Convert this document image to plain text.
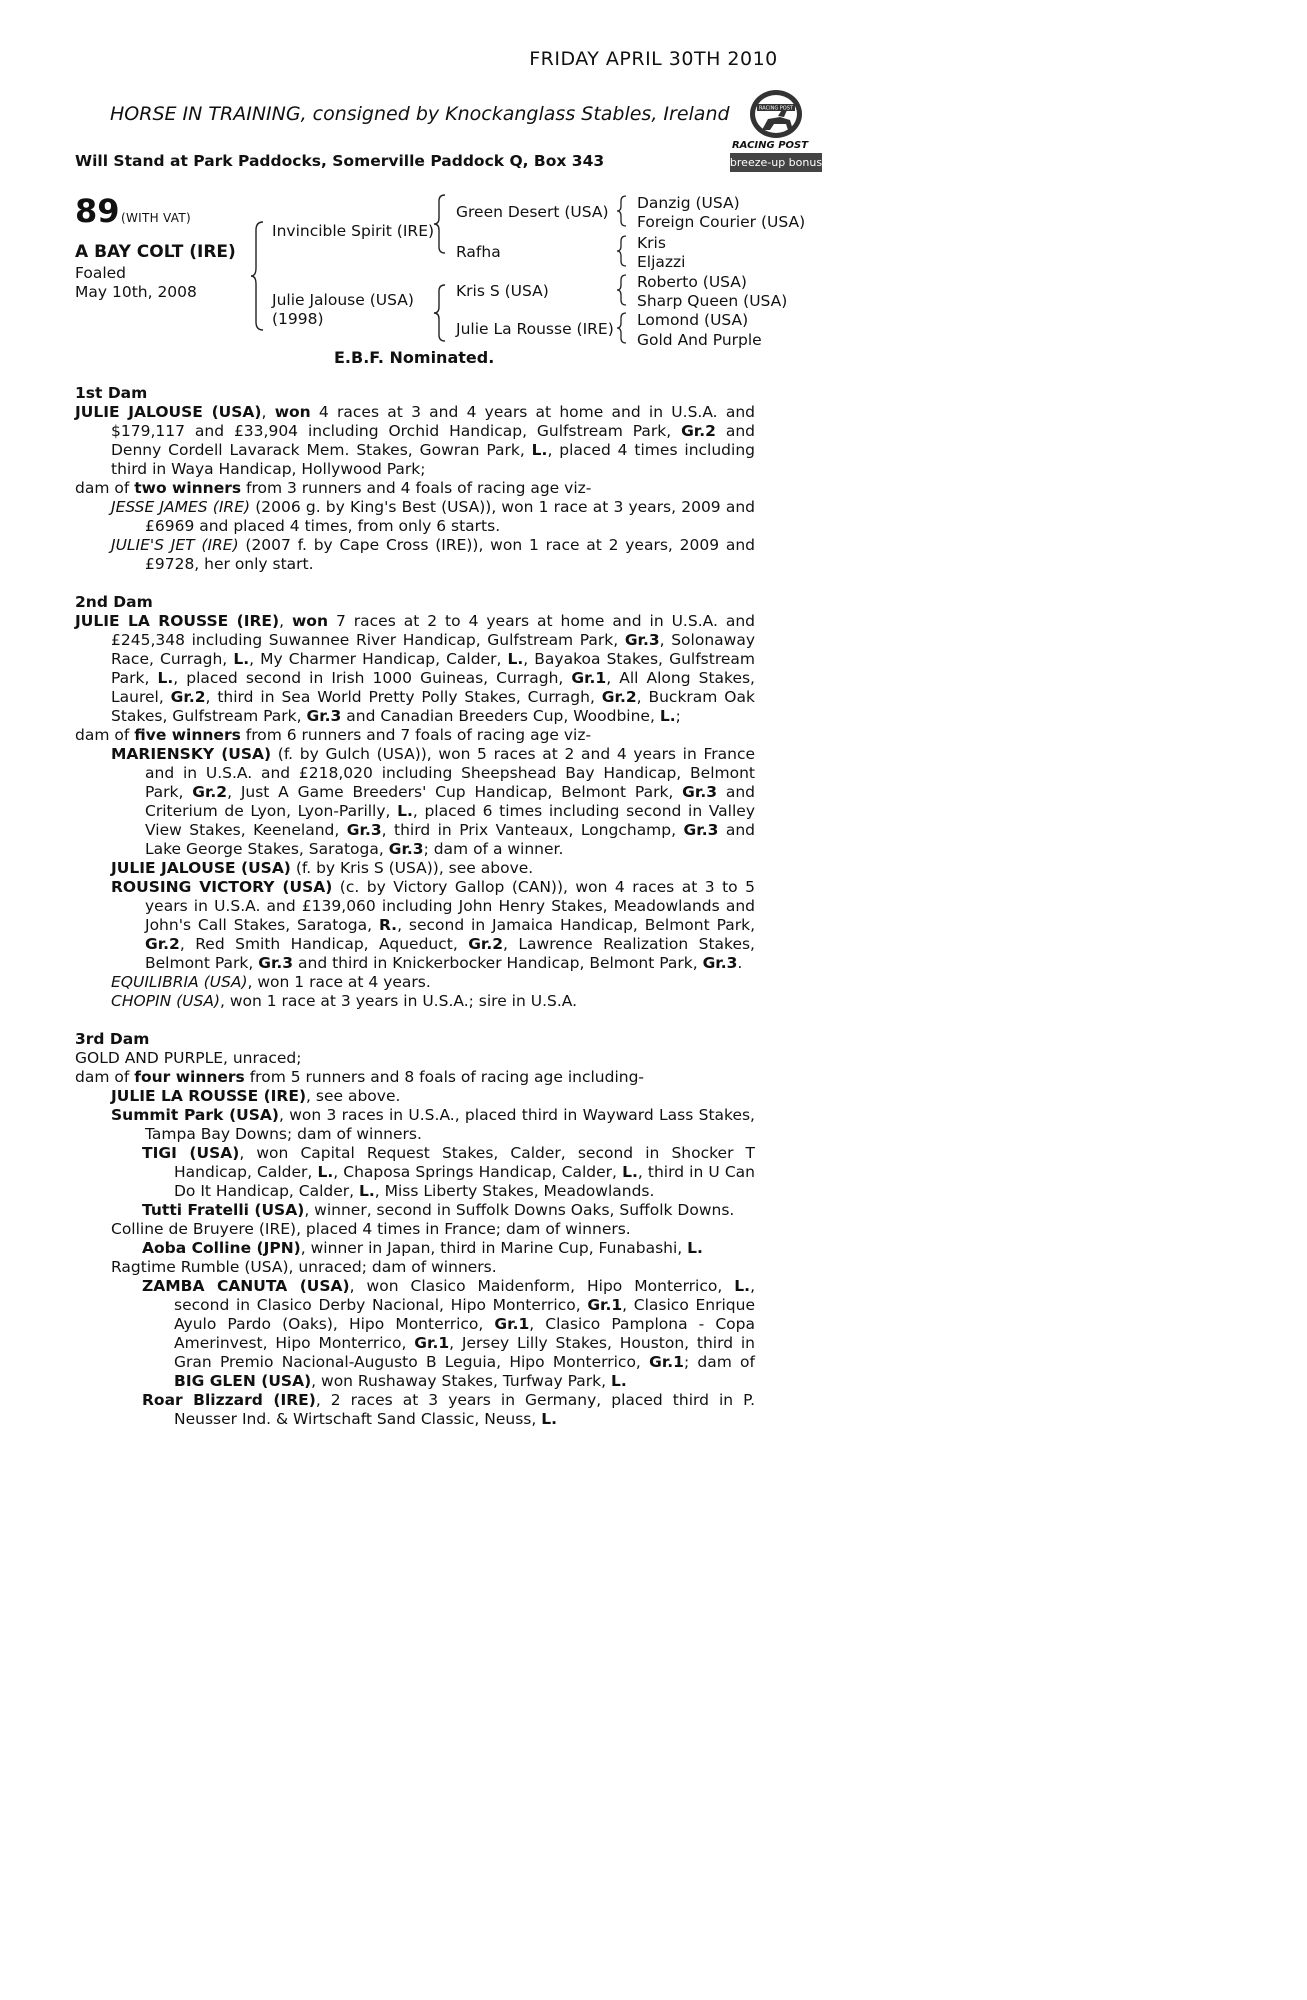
FRIDAY APRIL 30TH 2010
HORSE IN TRAINING, consigned by Knockanglass Stables, Ireland
Will Stand at Park Paddocks, Somerville Paddock Q, Box 343
RACING POST
RACING POST
breeze-up bonus
89 (WITH VAT)
A BAY COLT (IRE)
Foaled
May 10th, 2008
Invincible Spirit (IRE)
Julie Jalouse (USA)
(1998)
Green Desert (USA)
Rafha
Kris S (USA)
Julie La Rousse (IRE)
Danzig (USA)
Foreign Courier (USA)
Kris
Eljazzi
Roberto (USA)
Sharp Queen (USA)
Lomond (USA)
Gold And Purple
E.B.F. Nominated.
1st Dam
JULIE JALOUSE (USA), won 4 races at 3 and 4 years at home and in U.S.A. and $179,117 and £33,904 including Orchid Handicap, Gulfstream Park, Gr.2 and Denny Cordell Lavarack Mem. Stakes, Gowran Park, L., placed 4 times including third in Waya Handicap, Hollywood Park;
dam of two winners from 3 runners and 4 foals of racing age viz-
JESSE JAMES (IRE) (2006 g. by King's Best (USA)), won 1 race at 3 years, 2009 and £6969 and placed 4 times, from only 6 starts.
JULIE'S JET (IRE) (2007 f. by Cape Cross (IRE)), won 1 race at 2 years, 2009 and £9728, her only start.
2nd Dam
JULIE LA ROUSSE (IRE), won 7 races at 2 to 4 years at home and in U.S.A. and £245,348 including Suwannee River Handicap, Gulfstream Park, Gr.3, Solonaway Race, Curragh, L., My Charmer Handicap, Calder, L., Bayakoa Stakes, Gulfstream Park, L., placed second in Irish 1000 Guineas, Curragh, Gr.1, All Along Stakes, Laurel, Gr.2, third in Sea World Pretty Polly Stakes, Curragh, Gr.2, Buckram Oak Stakes, Gulfstream Park, Gr.3 and Canadian Breeders Cup, Woodbine, L.;
dam of five winners from 6 runners and 7 foals of racing age viz-
MARIENSKY (USA) (f. by Gulch (USA)), won 5 races at 2 and 4 years in France and in U.S.A. and £218,020 including Sheepshead Bay Handicap, Belmont Park, Gr.2, Just A Game Breeders' Cup Handicap, Belmont Park, Gr.3 and Criterium de Lyon, Lyon-Parilly, L., placed 6 times including second in Valley View Stakes, Keeneland, Gr.3, third in Prix Vanteaux, Longchamp, Gr.3 and Lake George Stakes, Saratoga, Gr.3; dam of a winner.
JULIE JALOUSE (USA) (f. by Kris S (USA)), see above.
ROUSING VICTORY (USA) (c. by Victory Gallop (CAN)), won 4 races at 3 to 5 years in U.S.A. and £139,060 including John Henry Stakes, Meadowlands and John's Call Stakes, Saratoga, R., second in Jamaica Handicap, Belmont Park, Gr.2, Red Smith Handicap, Aqueduct, Gr.2, Lawrence Realization Stakes, Belmont Park, Gr.3 and third in Knickerbocker Handicap, Belmont Park, Gr.3.
EQUILIBRIA (USA), won 1 race at 4 years.
CHOPIN (USA), won 1 race at 3 years in U.S.A.; sire in U.S.A.
3rd Dam
GOLD AND PURPLE, unraced;
dam of four winners from 5 runners and 8 foals of racing age including-
JULIE LA ROUSSE (IRE), see above.
Summit Park (USA), won 3 races in U.S.A., placed third in Wayward Lass Stakes, Tampa Bay Downs; dam of winners.
TIGI (USA), won Capital Request Stakes, Calder, second in Shocker T Handicap, Calder, L., Chaposa Springs Handicap, Calder, L., third in U Can Do It Handicap, Calder, L., Miss Liberty Stakes, Meadowlands.
Tutti Fratelli (USA), winner, second in Suffolk Downs Oaks, Suffolk Downs.
Colline de Bruyere (IRE), placed 4 times in France; dam of winners.
Aoba Colline (JPN), winner in Japan, third in Marine Cup, Funabashi, L.
Ragtime Rumble (USA), unraced; dam of winners.
ZAMBA CANUTA (USA), won Clasico Maidenform, Hipo Monterrico, L., second in Clasico Derby Nacional, Hipo Monterrico, Gr.1, Clasico Enrique Ayulo Pardo (Oaks), Hipo Monterrico, Gr.1, Clasico Pamplona - Copa Amerinvest, Hipo Monterrico, Gr.1, Jersey Lilly Stakes, Houston, third in Gran Premio Nacional-Augusto B Leguia, Hipo Monterrico, Gr.1; dam of BIG GLEN (USA), won Rushaway Stakes, Turfway Park, L.
Roar Blizzard (IRE), 2 races at 3 years in Germany, placed third in P. Neusser Ind. & Wirtschaft Sand Classic, Neuss, L.
